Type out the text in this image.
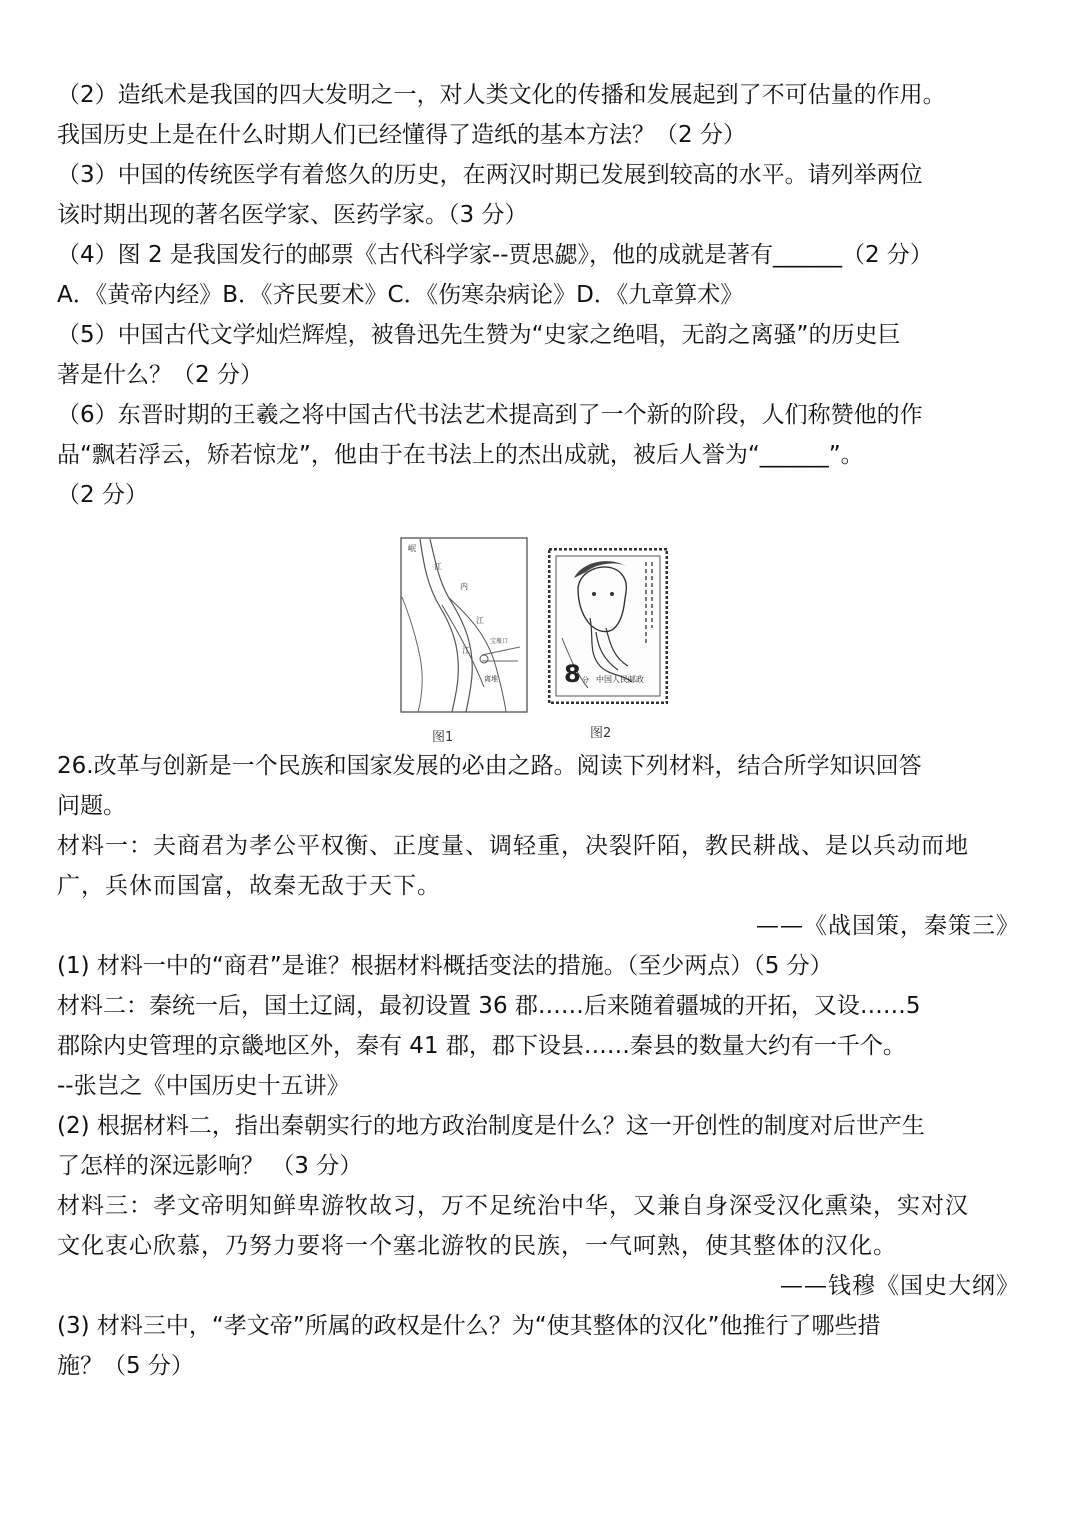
（2）造纸术是我国的四大发明之一，对人类文化的传播和发展起到了不可估量的作用。
我国历史上是在什么时期人们已经懂得了造纸的基本方法？（2 分）
（3）中国的传统医学有着悠久的历史，在两汉时期已发展到较高的水平。请列举两位
该时期出现的著名医学家、医药学家。（3 分）
（4）图 2 是我国发行的邮票《古代科学家--贾思勰》，他的成就是著有______（2 分）
A．《黄帝内经》B．《齐民要术》C．《伤寒杂病论》D．《九章算术》
（5）中国古代文学灿烂辉煌，被鲁迅先生赞为“史家之绝唱，无韵之离骚”的历史巨
著是什么？（2 分）
（6）东晋时期的王羲之将中国古代书法艺术提高到了一个新的阶段，人们称赞他的作
品“飘若浮云，矫若惊龙”，他由于在书法上的杰出成就，被后人誉为“______”。
（2 分）
岷
江
内
江
江
宝瓶口
离堆
图1
8 分 中国人民邮政
图2
26.改革与创新是一个民族和国家发展的必由之路。阅读下列材料，结合所学知识回答
问题。
材料一：夫商君为孝公平权衡、正度量、调轻重，决裂阡陌，教民耕战、是以兵动而地
广，兵休而国富，故秦无敌于天下。
——《战国策，秦策三》
(1) 材料一中的“商君”是谁？根据材料概括变法的措施。（至少两点）（5 分）
材料二：秦统一后，国土辽阔，最初设置 36 郡……后来随着疆城的开拓，又设……5
郡除内史管理的京畿地区外，秦有 41 郡，郡下设县……秦县的数量大约有一千个。
--张岂之《中国历史十五讲》
(2) 根据材料二，指出秦朝实行的地方政治制度是什么？这一开创性的制度对后世产生
了怎样的深远影响？ （3 分）
材料三：孝文帝明知鲜卑游牧故习，万不足统治中华，又兼自身深受汉化熏染，实对汉
文化衷心欣慕，乃努力要将一个塞北游牧的民族，一气呵熟，使其整体的汉化。
——钱穆《国史大纲》
(3) 材料三中，“孝文帝”所属的政权是什么？为“使其整体的汉化”他推行了哪些措
施？（5 分）
